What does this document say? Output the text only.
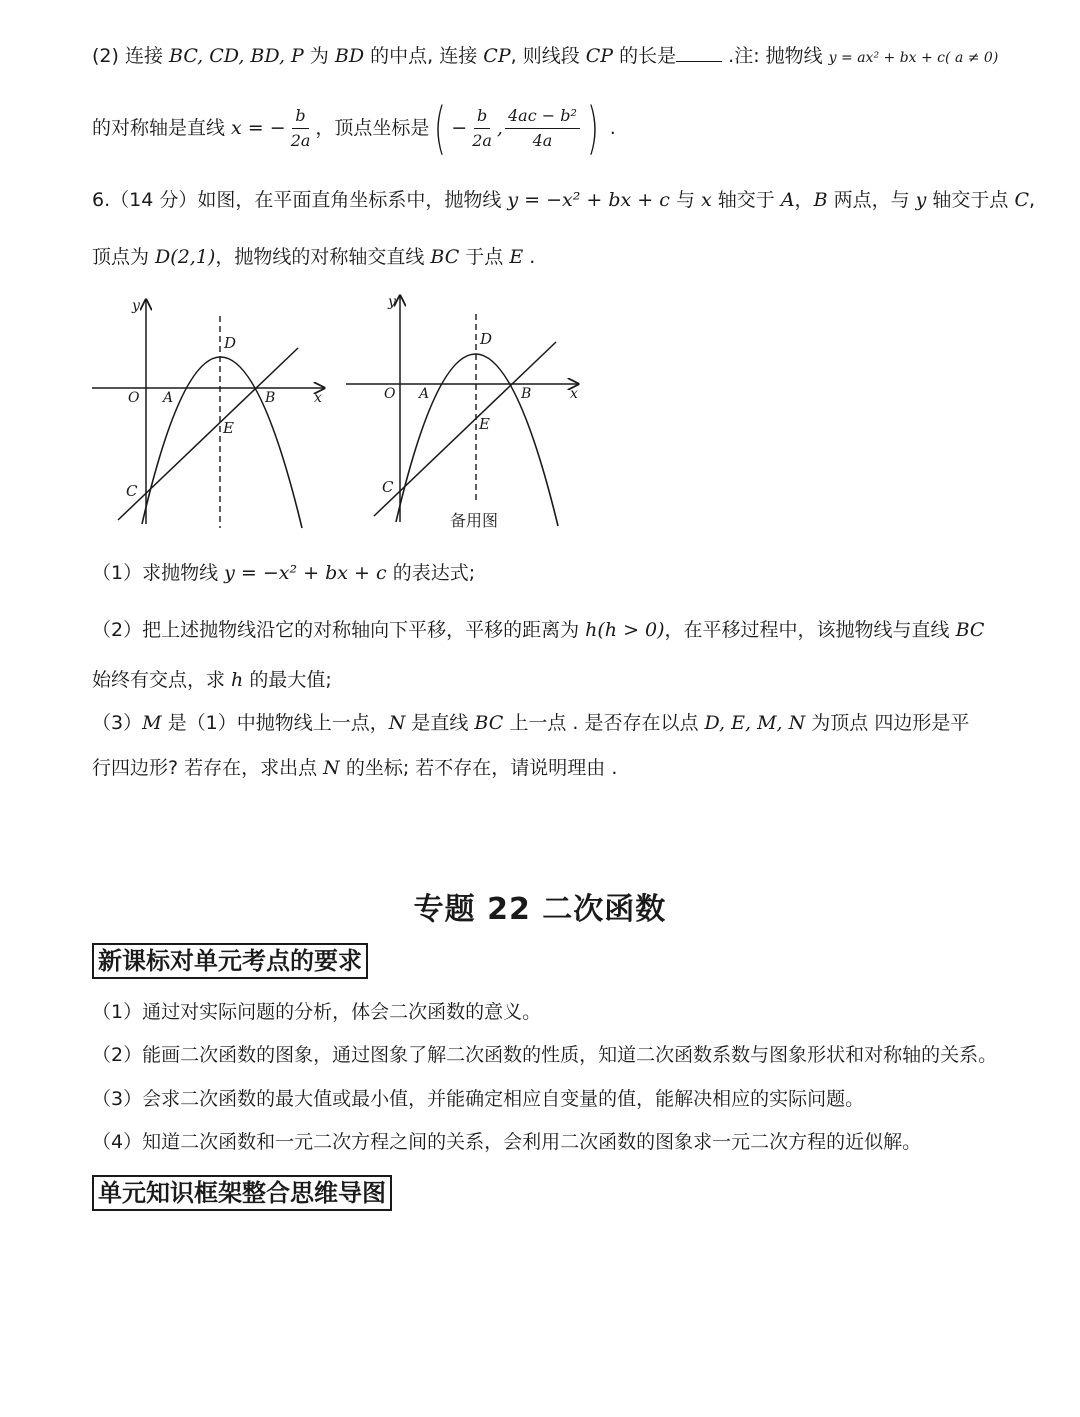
(2) 连接 BC, CD, BD, P 为 BD 的中点, 连接 CP, 则线段 CP 的长是 .注: 抛物线 y = ax² + bx + c( a ≠ 0)
的对称轴是直线 x = − $\frac{b}{2a}$ ，顶点坐标是( − $\frac{b}{2a}$ , $\frac{\text{4ac − b²}}{4a}$ ) .
6.（14 分）如图，在平面直角坐标系中，抛物线 y = −x² + bx + c 与 x 轴交于 A，B 两点，与 y 轴交于点 C,
顶点为 D(2,1)，抛物线的对称轴交直线 BC 于点 E .
y
x
O A	B
D
E
C
y
x
O A	B
D
E
C
备用图
（1）求抛物线 y = −x² + bx + c 的表达式;
（2）把上述抛物线沿它的对称轴向下平移，平移的距离为 h(h > 0)，在平移过程中，该抛物线与直线 BC
始终有交点，求 h 的最大值;
（3）M 是（1）中抛物线上一点，N 是直线 BC 上一点 . 是否存在以点 D, E, M, N 为顶点 四边形是平
行四边形? 若存在，求出点 N 的坐标; 若不存在，请说明理由 .
专题 22 二次函数
新课标对单元考点的要求
（1）通过对实际问题的分析，体会二次函数的意义。
（2）能画二次函数的图象，通过图象了解二次函数的性质，知道二次函数系数与图象形状和对称轴的关系。
（3）会求二次函数的最大值或最小值，并能确定相应自变量的值，能解决相应的实际问题。
（4）知道二次函数和一元二次方程之间的关系，会利用二次函数的图象求一元二次方程的近似解。
单元知识框架整合思维导图
